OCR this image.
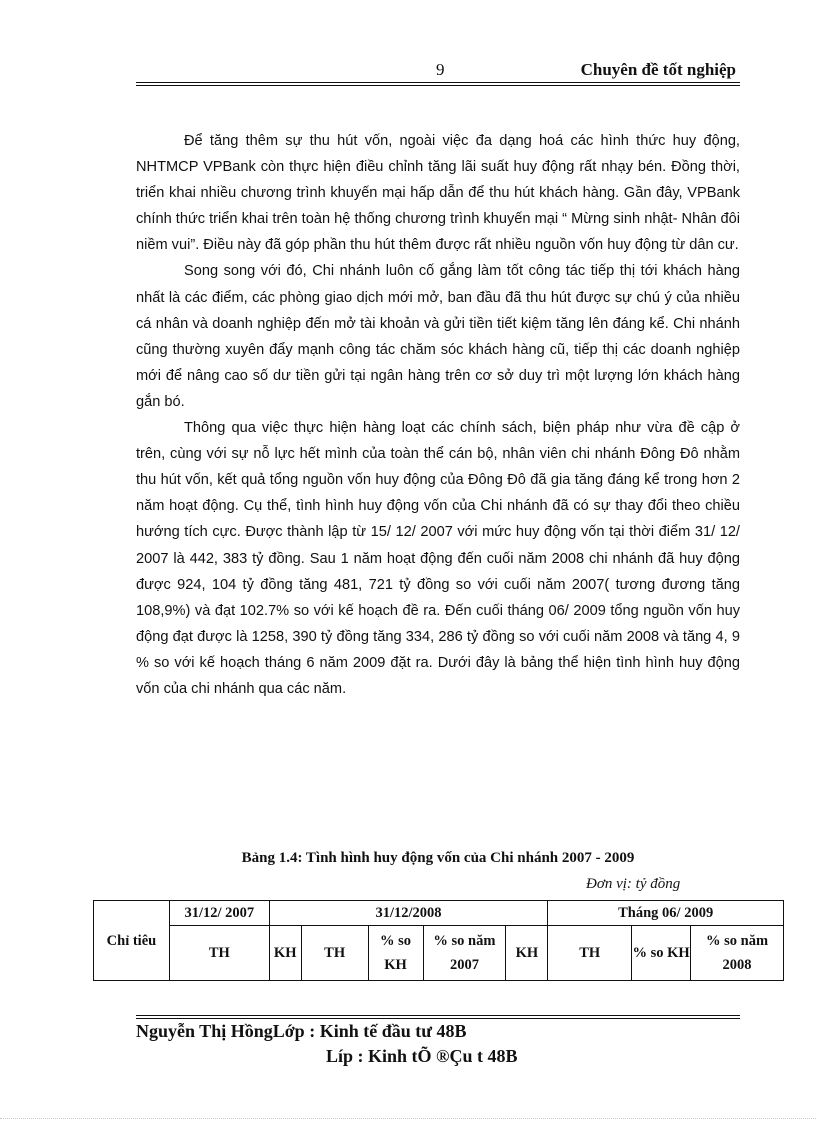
9	Chuyên đề tốt nghiệp

Để tăng thêm sự thu hút vốn, ngoài việc đa dạng hoá các hình thức huy động, NHTMCP VPBank còn thực hiện điều chỉnh tăng lãi suất huy động rất nhạy bén. Đồng thời, triển khai nhiều chương trình khuyến mại hấp dẫn để thu hút khách hàng. Gần đây, VPBank chính thức triển khai trên toàn hệ thống chương trình khuyến mại “ Mừng sinh nhật- Nhân đôi niềm vui”. Điều này đã góp phần thu hút thêm được rất nhiều nguồn vốn huy động từ dân cư.

Song song với đó, Chi nhánh luôn cố gắng làm tốt công tác tiếp thị tới khách hàng nhất là các điểm, các phòng giao dịch mới mở, ban đầu đã thu hút được sự chú ý của nhiều cá nhân và doanh nghiệp đến mở tài khoản và gửi tiền tiết kiệm tăng lên đáng kể. Chi nhánh cũng thường xuyên đẩy mạnh công tác chăm sóc khách hàng cũ, tiếp thị các doanh nghiệp mới để nâng cao số dư tiền gửi tại ngân hàng trên cơ sở duy trì một lượng lớn khách hàng gắn bó.

Thông qua việc thực hiện hàng loạt các chính sách, biện pháp như vừa đề cập ở trên, cùng với sự nỗ lực hết mình của toàn thể cán bộ, nhân viên chi nhánh Đông Đô nhằm thu hút vốn, kết quả tổng nguồn vốn huy động của Đông Đô đã gia tăng đáng kể trong hơn 2 năm hoạt động. Cụ thể, tình hình huy động vốn của Chi nhánh đã có sự thay đổi theo chiều hướng tích cực. Được thành lập từ 15/ 12/ 2007 với mức huy động vốn tại thời điểm 31/ 12/ 2007 là 442, 383 tỷ đồng. Sau 1 năm hoạt động đến cuối năm 2008 chi nhánh đã huy động được 924, 104 tỷ đồng tăng 481, 721 tỷ đồng so với cuối năm 2007( tương đương tăng 108,9%) và đạt 102.7% so với kế hoạch đề ra. Đến cuối tháng 06/ 2009 tổng nguồn vốn huy động đạt được là 1258, 390 tỷ đồng tăng 334, 286 tỷ đồng so với cuối năm 2008 và tăng 4, 9 % so với kế hoạch tháng 6 năm 2009 đặt ra. Dưới đây là bảng thể hiện tình hình huy động vốn của chi nhánh qua các năm.

Bảng 1.4: Tình hình huy động vốn của Chi nhánh 2007 - 2009
Đơn vị: tỷ đồng
Chỉ tiêu	31/12/ 2007	31/12/2008					Tháng 06/ 2009		
	TH	KH	TH	% so KH	% so năm 2007	KH	TH	% so KH	% so năm 2008
Nguyễn Thị HồngLớp : Kinh tế đầu tư 48B
Líp : Kinh tÕ ®Çu t 48B
